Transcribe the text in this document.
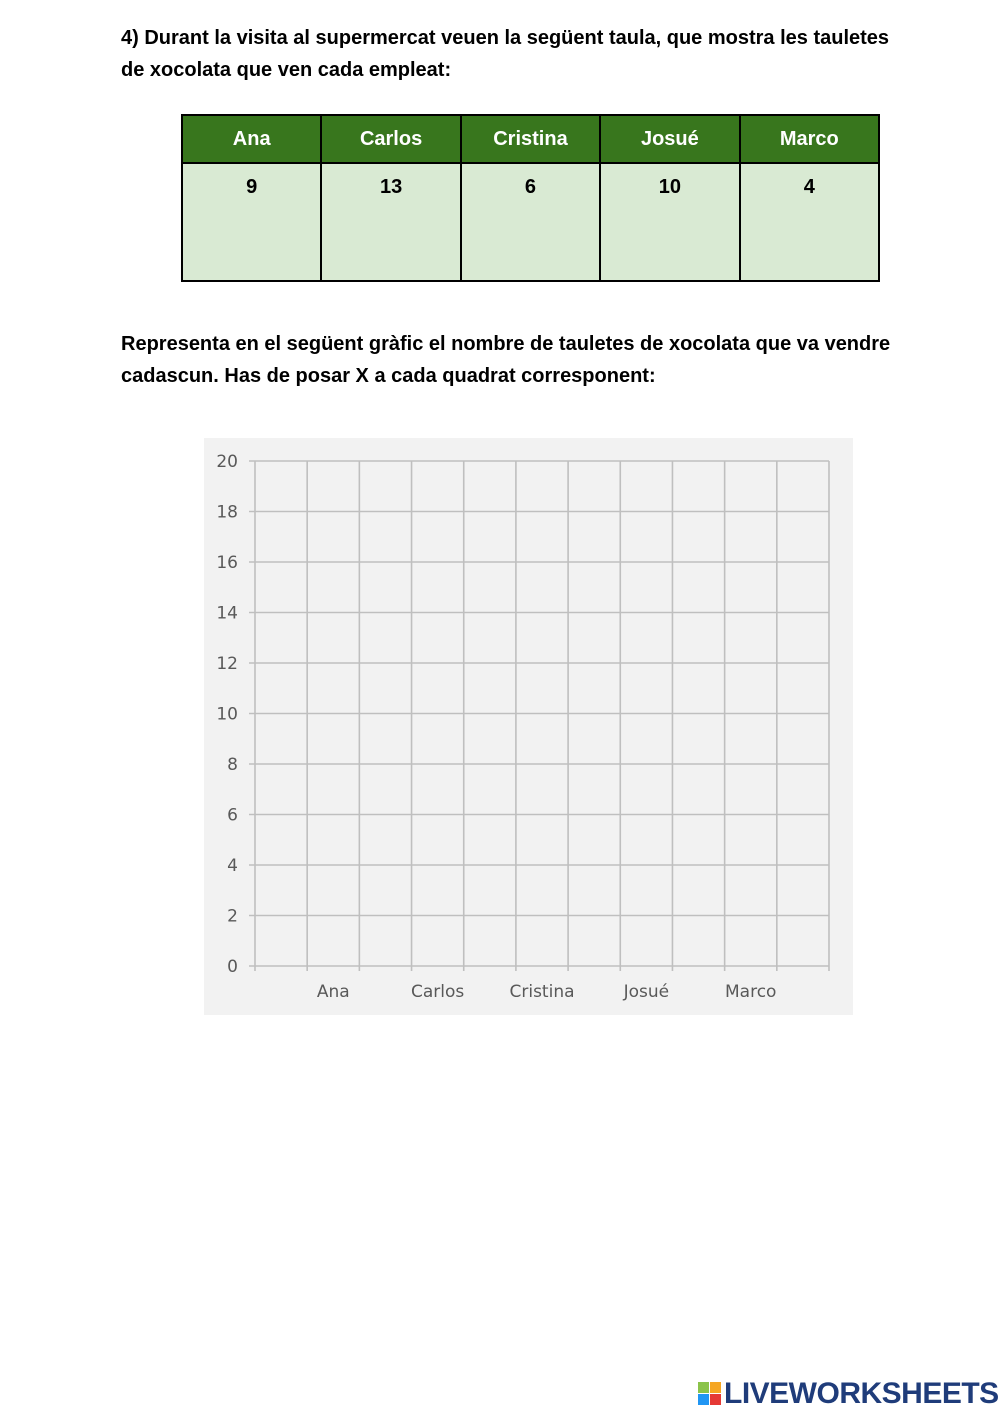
4) Durant la visita al supermercat veuen la següent taula, que mostra les tauletes de xocolata que ven cada empleat:

Ana	Carlos	Cristina	Josué	Marco
9	13	6	10	4

Representa en el següent gràfic el nombre de tauletes de xocolata que va vendre cadascun. Has de posar X a cada quadrat corresponent:

0
2
4
6
8
10
12
14
16
18
20
Ana	Carlos	Cristina	Josué	Marco
LIVEWORKSHEETS
